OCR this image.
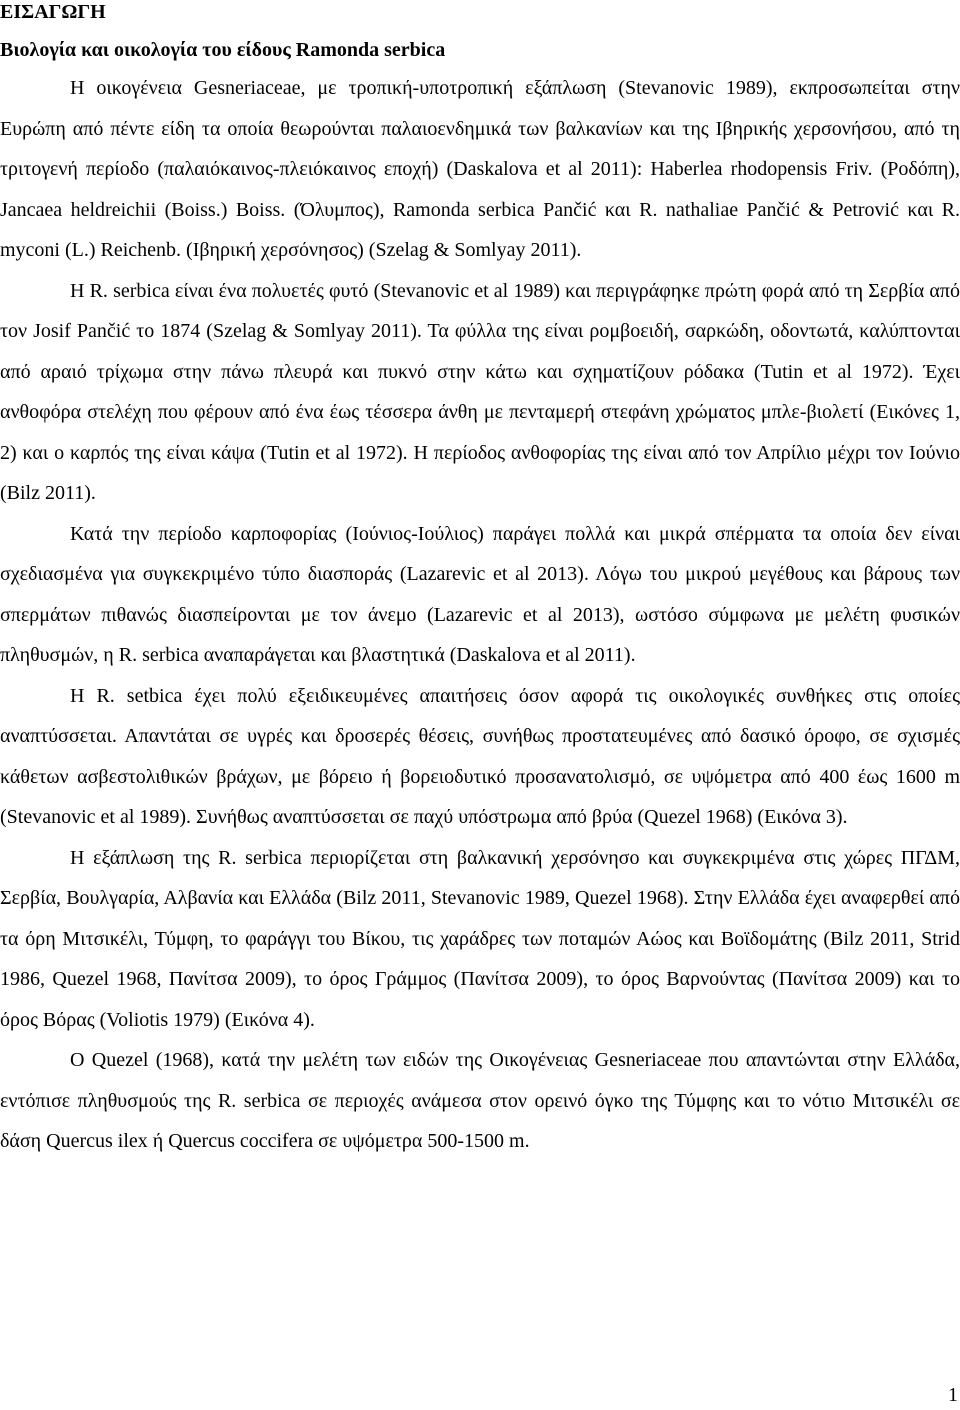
ΕΙΣΑΓΩΓΗ
Βιολογία και οικολογία του είδους Ramonda serbica

Η οικογένεια Gesneriaceae, με τροπική-υποτροπική εξάπλωση (Stevanovic 1989), εκπροσωπείται στην Ευρώπη από πέντε είδη τα οποία θεωρούνται παλαιοενδημικά των βαλκανίων και της Ιβηρικής χερσονήσου, από τη τριτογενή περίοδο (παλαιόκαινος-πλειόκαινος εποχή) (Daskalova et al 2011): Haberlea rhodopensis Friv. (Ροδόπη), Jancaea heldreichii (Boiss.) Boiss. (Όλυμπος), Ramonda serbica Pančić και R. nathaliae Pančić & Petrović και R. myconi (L.) Reichenb. (Ιβηρική χερσόνησος) (Szelag & Somlyay 2011).

Η R. serbica είναι ένα πολυετές φυτό (Stevanovic et al 1989) και περιγράφηκε πρώτη φορά από τη Σερβία από τον Josif Pančić το 1874 (Szelag & Somlyay 2011). Τα φύλλα της είναι ρομβοειδή, σαρκώδη, οδοντωτά, καλύπτονται από αραιό τρίχωμα στην πάνω πλευρά και πυκνό στην κάτω και σχηματίζουν ρόδακα (Tutin et al 1972). Έχει ανθοφόρα στελέχη που φέρουν από ένα έως τέσσερα άνθη με πενταμερή στεφάνη χρώματος μπλε-βιολετί (Εικόνες 1, 2) και ο καρπός της είναι κάψα (Tutin et al 1972). Η περίοδος ανθοφορίας της είναι από τον Απρίλιο μέχρι τον Ιούνιο (Bilz 2011).

Κατά την περίοδο καρποφορίας (Ιούνιος-Ιούλιος) παράγει πολλά και μικρά σπέρματα τα οποία δεν είναι σχεδιασμένα για συγκεκριμένο τύπο διασποράς (Lazarevic et al 2013). Λόγω του μικρού μεγέθους και βάρους των σπερμάτων πιθανώς διασπείρονται με τον άνεμο (Lazarevic et al 2013), ωστόσο σύμφωνα με μελέτη φυσικών πληθυσμών, η R. serbica αναπαράγεται και βλαστητικά (Daskalova et al 2011).

Η R. setbica έχει πολύ εξειδικευμένες απαιτήσεις όσον αφορά τις οικολογικές συνθήκες στις οποίες αναπτύσσεται. Απαντάται σε υγρές και δροσερές θέσεις, συνήθως προστατευμένες από δασικό όροφο, σε σχισμές κάθετων ασβεστολιθικών βράχων, με βόρειο ή βορειοδυτικό προσανατολισμό, σε υψόμετρα από 400 έως 1600 m (Stevanovic et al 1989). Συνήθως αναπτύσσεται σε παχύ υπόστρωμα από βρύα (Quezel 1968) (Εικόνα 3).

Η εξάπλωση της R. serbica περιορίζεται στη βαλκανική χερσόνησο και συγκεκριμένα στις χώρες ΠΓΔΜ, Σερβία, Βουλγαρία, Αλβανία και Ελλάδα (Bilz 2011, Stevanovic 1989, Quezel 1968). Στην Ελλάδα έχει αναφερθεί από τα όρη Μιτσικέλι, Τύμφη, το φαράγγι του Βίκου, τις χαράδρες των ποταμών Αώος και Βοϊδομάτης (Bilz 2011, Strid 1986, Quezel 1968, Πανίτσα 2009), το όρος Γράμμος (Πανίτσα 2009), το όρος Βαρνούντας (Πανίτσα 2009) και το όρος Βόρας (Voliotis 1979) (Εικόνα 4).

Ο Quezel (1968), κατά την μελέτη των ειδών της Οικογένειας Gesneriaceae που απαντώνται στην Ελλάδα, εντόπισε πληθυσμούς της R. serbica σε περιοχές ανάμεσα στον ορεινό όγκο της Τύμφης και το νότιο Μιτσικέλι σε δάση Quercus ilex ή Quercus coccifera σε υψόμετρα 500-1500 m.

1
